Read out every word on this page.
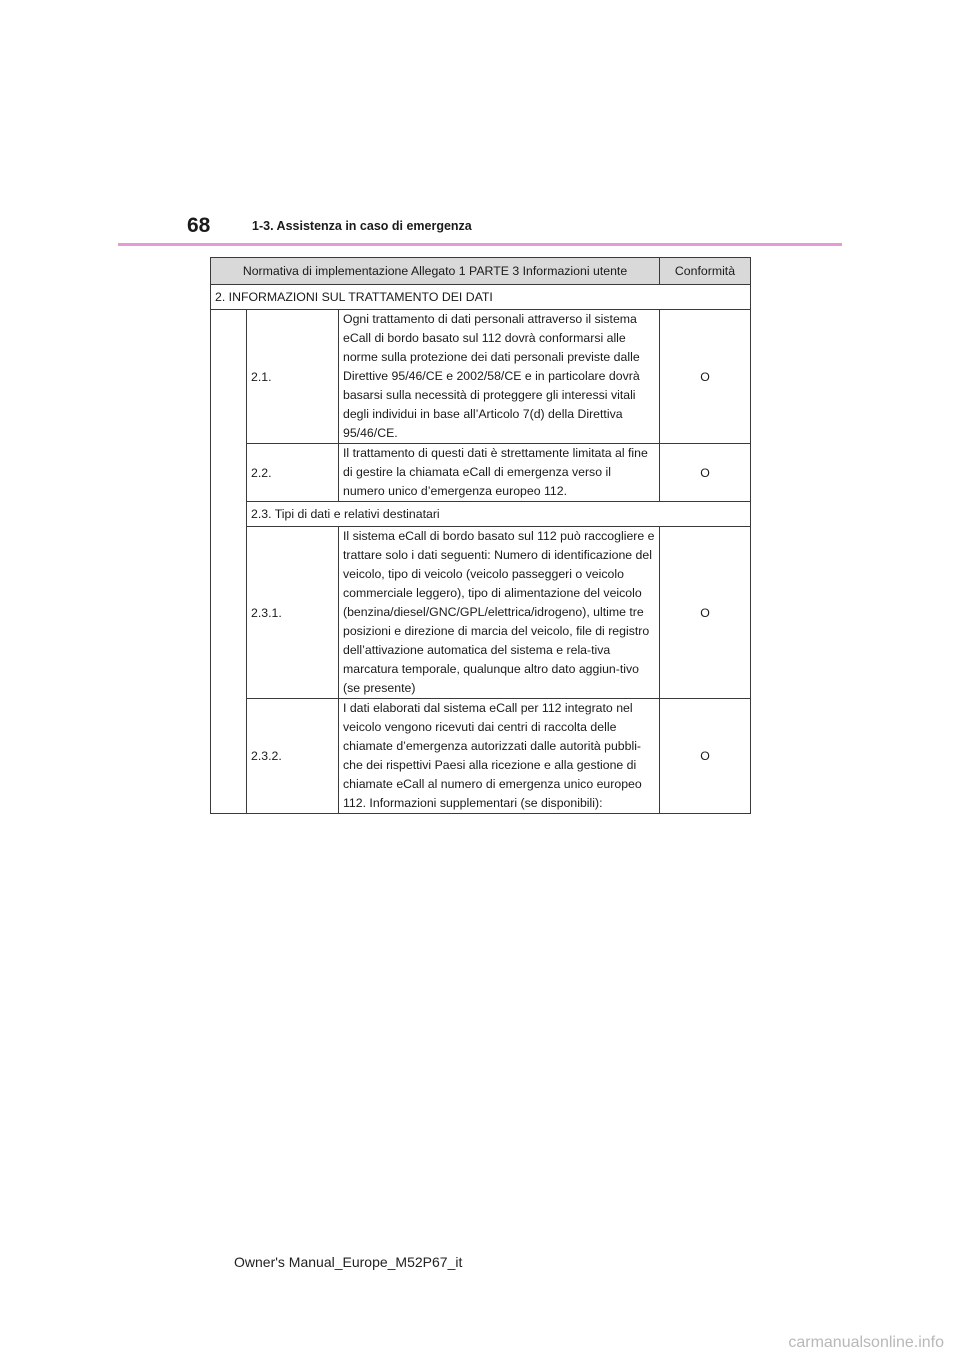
68	1-3. Assistenza in caso di emergenza
Normativa di implementazione Allegato 1 PARTE 3 Informazioni utente			Conformità
2. INFORMAZIONI SUL TRATTAMENTO DEI DATI			
	2.1.	Ogni trattamento di dati personali attraverso il sistema eCall di bordo basato sul 112 dovrà conformarsi alle norme sulla protezione dei dati personali previste dalle Direttive 95/46/CE e 2002/58/CE e in particolare dovrà basarsi sulla necessità di proteggere gli interessi vitali degli individui in base all’Articolo 7(d) della Direttiva 95/46/CE.	O
	2.2.	Il trattamento di questi dati è strettamente limitata al fine di gestire la chiamata eCall di emergenza verso il numero unico d’emergenza europeo 112.	O
	2.3. Tipi di dati e relativi destinatari		
	2.3.1.	Il sistema eCall di bordo basato sul 112 può raccogliere e trattare solo i dati seguenti: Numero di identificazione del veicolo, tipo di veicolo (veicolo passeggeri o veicolo commerciale leggero), tipo di alimentazione del veicolo (benzina/diesel/GNC/GPL/elettrica/idrogeno), ultime tre posizioni e direzione di marcia del veicolo, file di registro dell’attivazione automatica del sistema e rela-tiva marcatura temporale, qualunque altro dato aggiun-tivo (se presente)	O
	2.3.2.	I dati elaborati dal sistema eCall per 112 integrato nel veicolo vengono ricevuti dai centri di raccolta delle chiamate d’emergenza autorizzati dalle autorità pubbli-che dei rispettivi Paesi alla ricezione e alla gestione di chiamate eCall al numero di emergenza unico europeo 112. Informazioni supplementari (se disponibili):	O
Owner's Manual_Europe_M52P67_it
carmanualsonline.info
